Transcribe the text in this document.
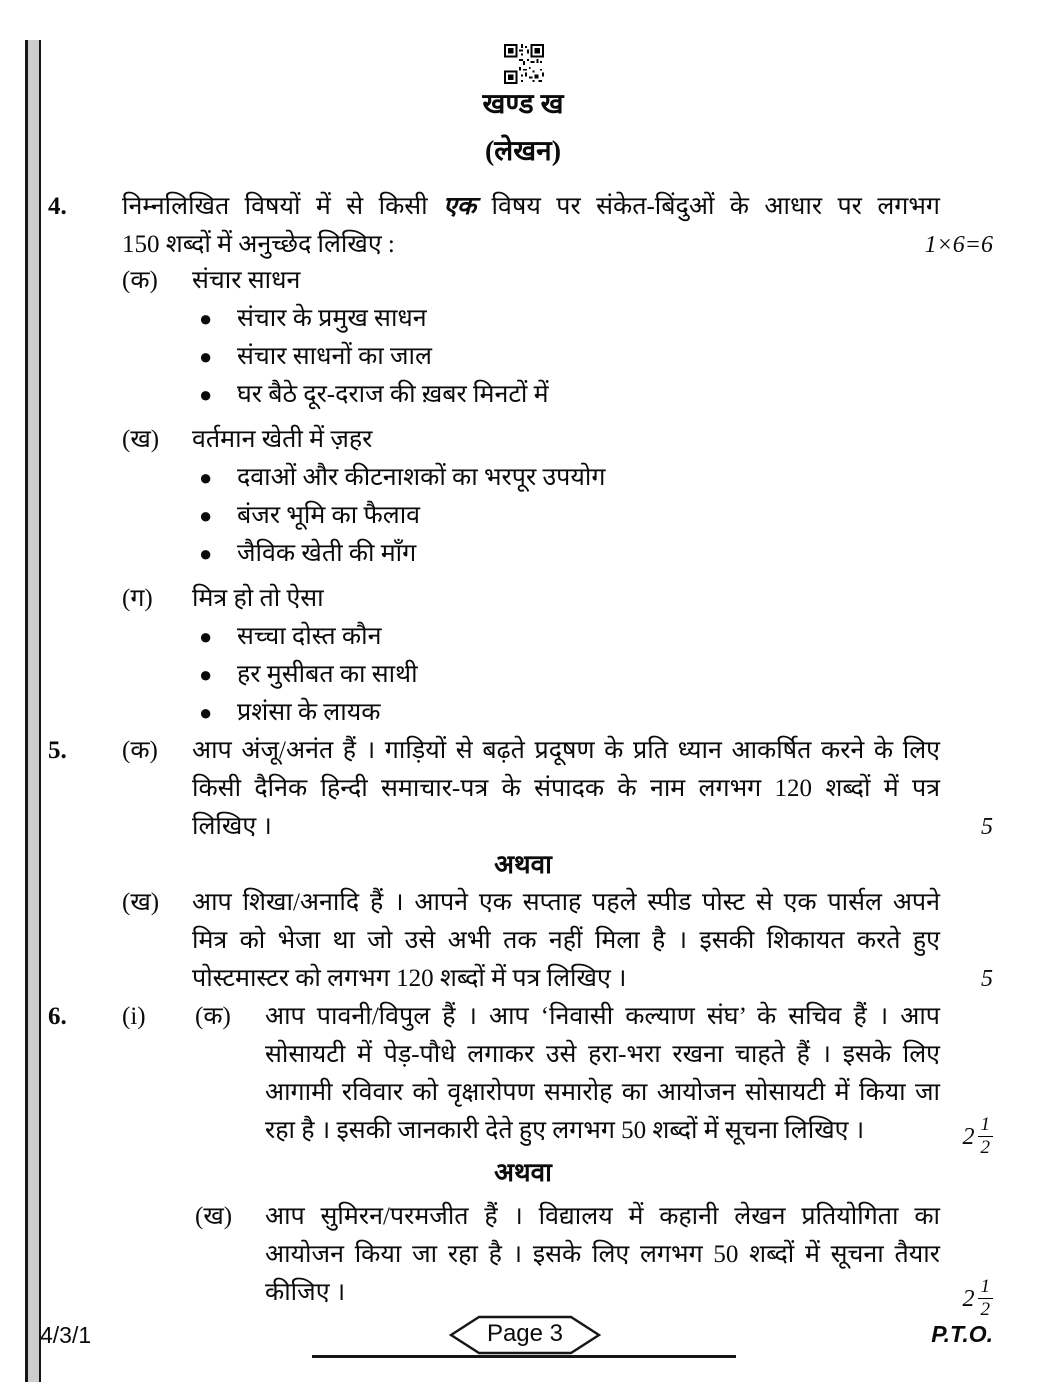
खण्ड ख
(लेखन)
4.	निम्नलिखित विषयों में से किसी एक विषय पर संकेत-बिंदुओं के आधार पर लगभग
150 शब्दों में अनुच्छेद लिखिए :	1×6=6
(क)	संचार साधन
● संचार के प्रमुख साधन
● संचार साधनों का जाल
● घर बैठे दूर-दराज की ख़बर मिनटों में
(ख)	वर्तमान खेती में ज़हर
● दवाओं और कीटनाशकों का भरपूर उपयोग
● बंजर भूमि का फैलाव
● जैविक खेती की माँग
(ग)	मित्र हो तो ऐसा
● सच्चा दोस्त कौन
● हर मुसीबत का साथी
● प्रशंसा के लायक
5.	(क)	आप अंजू/अनंत हैं । गाड़ियों से बढ़ते प्रदूषण के प्रति ध्यान आकर्षित करने के लिए
किसी दैनिक हिन्दी समाचार-पत्र के संपादक के नाम लगभग 120 शब्दों में पत्र
लिखिए ।	5
अथवा
(ख)	आप शिखा/अनादि हैं । आपने एक सप्ताह पहले स्पीड पोस्ट से एक पार्सल अपने
मित्र को भेजा था जो उसे अभी तक नहीं मिला है । इसकी शिकायत करते हुए
पोस्टमास्टर को लगभग 120 शब्दों में पत्र लिखिए ।	5
6.	(i)	(क)	आप पावनी/विपुल हैं । आप ‘निवासी कल्याण संघ’ के सचिव हैं । आप
सोसायटी में पेड़-पौधे लगाकर उसे हरा-भरा रखना चाहते हैं । इसके लिए
आगामी रविवार को वृक्षारोपण समारोह का आयोजन सोसायटी में किया जा
रहा है । इसकी जानकारी देते हुए लगभग 50 शब्दों में सूचना लिखिए ।	2 1
2
अथवा
(ख)	आप सुमिरन/परमजीत हैं । विद्यालय में कहानी लेखन प्रतियोगिता का
आयोजन किया जा रहा है । इसके लिए लगभग 50 शब्दों में सूचना तैयार
कीजिए ।	2 1
2
4/3/1	Page 3	P.T.O.
